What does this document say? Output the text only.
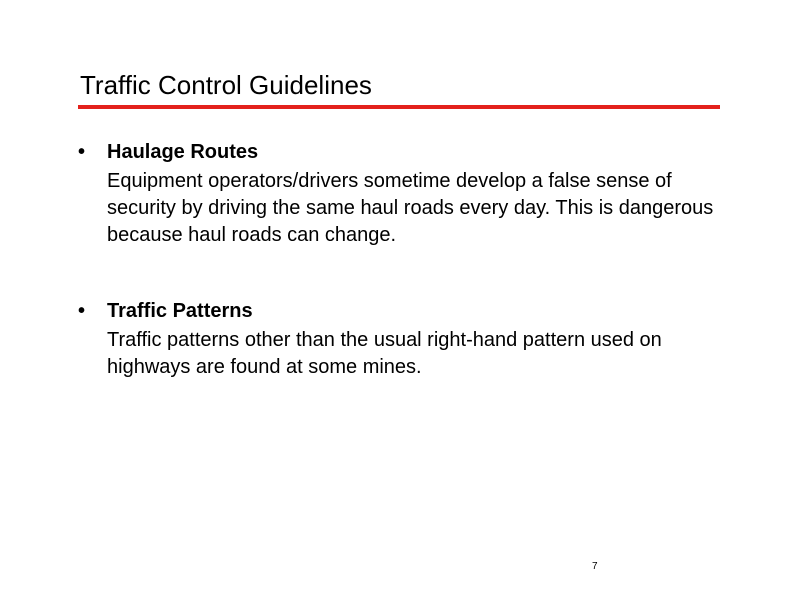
Traffic Control Guidelines
•	Haulage Routes
Equipment operators/drivers sometime develop a false sense of security by driving the same haul roads every day. This is dangerous because haul roads can change.
•	Traffic Patterns
Traffic patterns other than the usual right-hand pattern used on highways are found at some mines.
7
